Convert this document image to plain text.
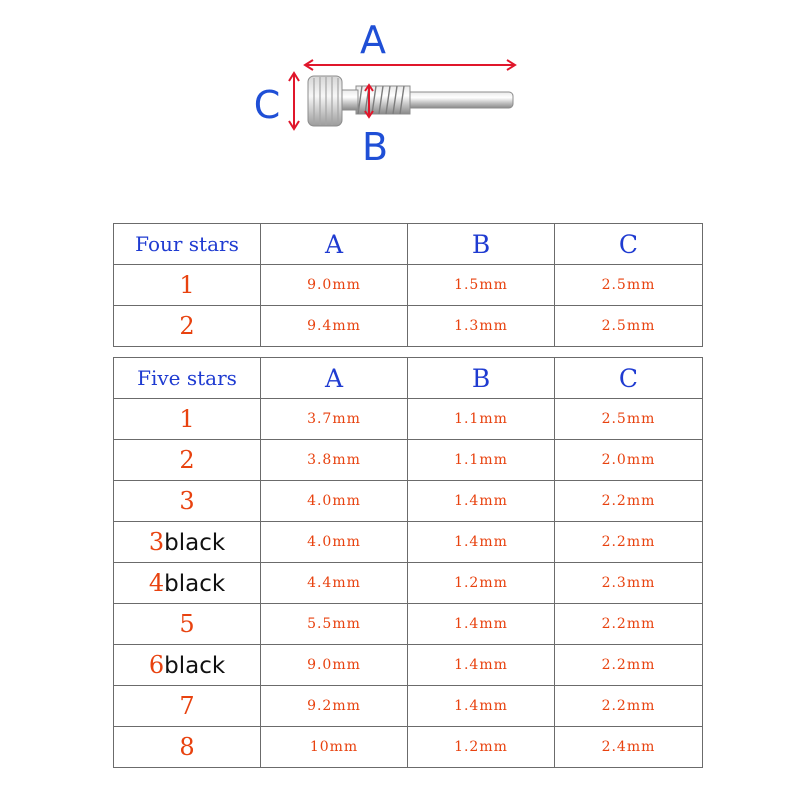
A
C
B
Four stars	A	B	C
1	9.0mm	1.5mm	2.5mm
2	9.4mm	1.3mm	2.5mm
Five stars	A	B	C
1	3.7mm	1.1mm	2.5mm
2	3.8mm	1.1mm	2.0mm
3	4.0mm	1.4mm	2.2mm
3black	4.0mm	1.4mm	2.2mm
4black	4.4mm	1.2mm	2.3mm
5	5.5mm	1.4mm	2.2mm
6black	9.0mm	1.4mm	2.2mm
7	9.2mm	1.4mm	2.2mm
8	10mm	1.2mm	2.4mm
